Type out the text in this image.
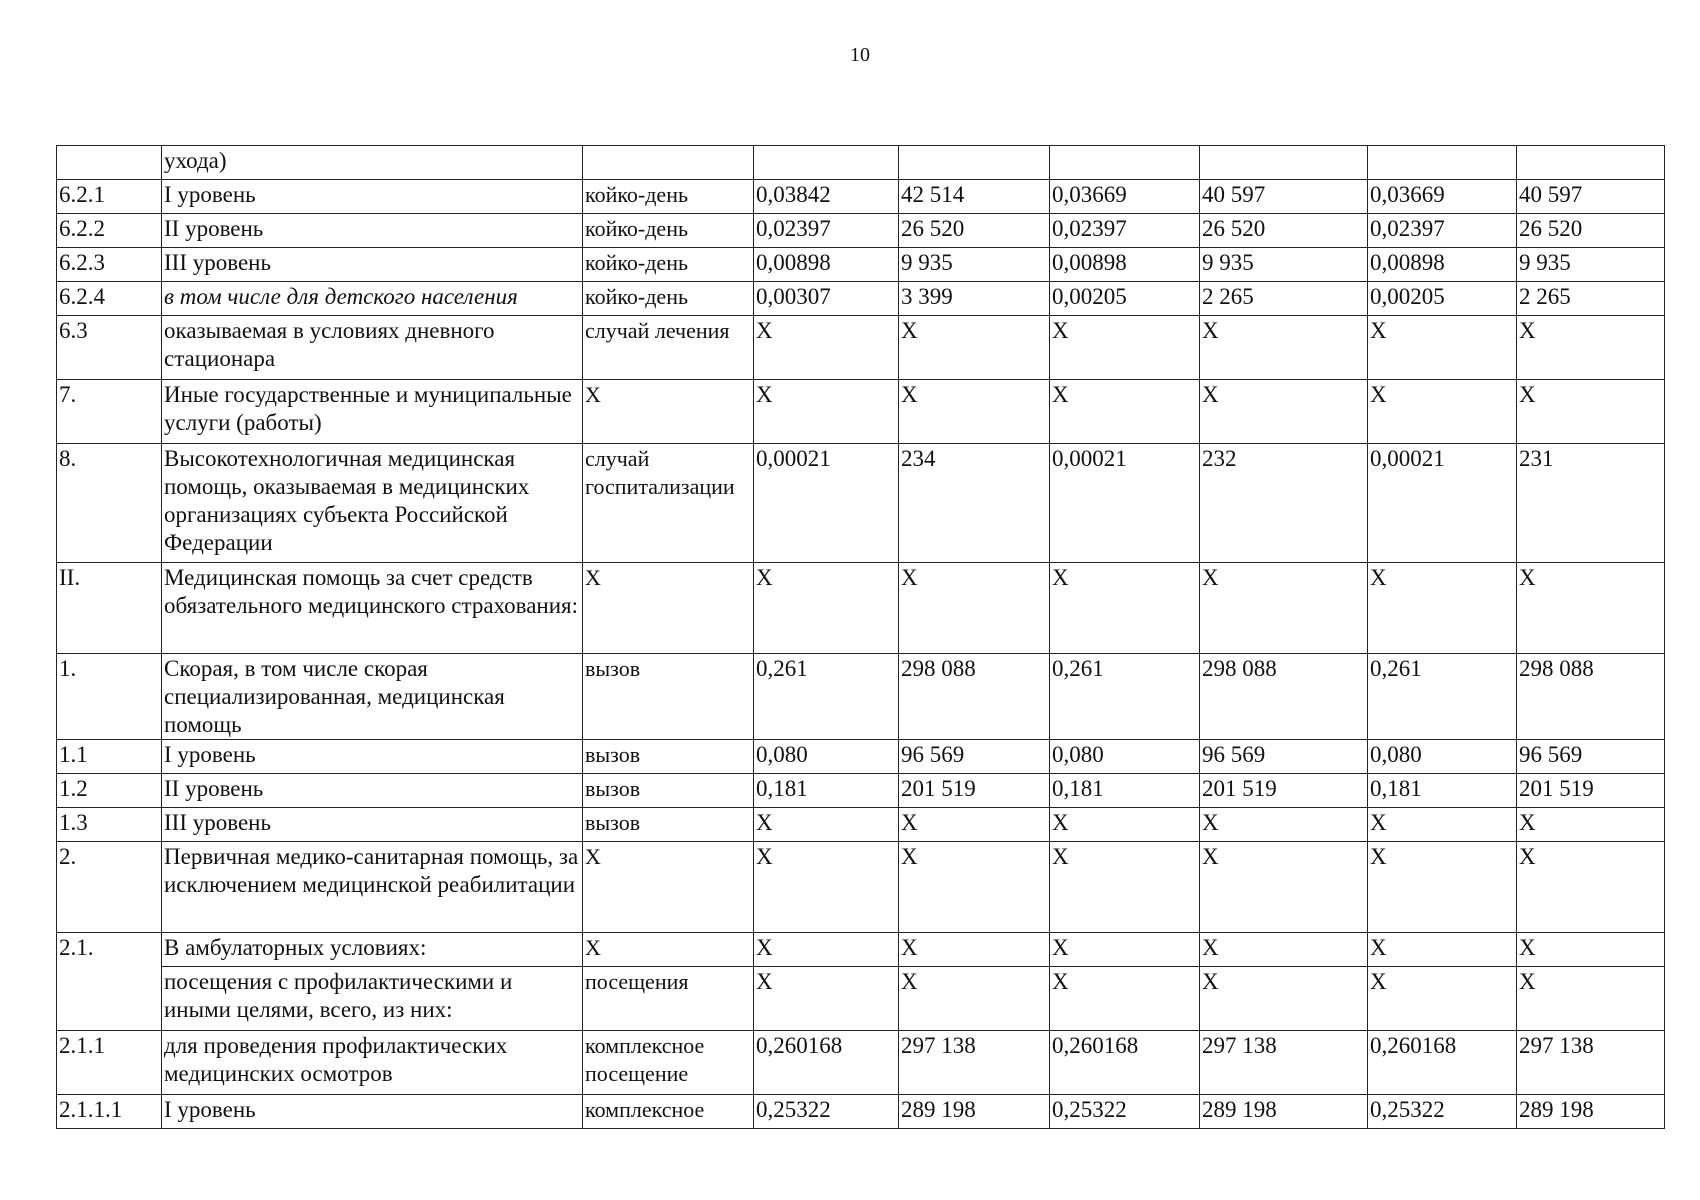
10
	ухода)							
6.2.1	I уровень	койко-день	0,03842	42 514	0,03669	40 597	0,03669	40 597
6.2.2	II уровень	койко-день	0,02397	26 520	0,02397	26 520	0,02397	26 520
6.2.3	III уровень	койко-день	0,00898	9 935	0,00898	9 935	0,00898	9 935
6.2.4	в том числе для детского населения	койко-день	0,00307	3 399	0,00205	2 265	0,00205	2 265
6.3	оказываемая в условиях дневного стационара	случай лечения	X	X	X	X	X	X
7.	Иные государственные и муниципальные услуги (работы)	X	X	X	X	X	X	X
8.	Высокотехнологичная медицинская помощь, оказываемая в медицинских организациях субъекта Российской Федерации	случай госпитализации	0,00021	234	0,00021	232	0,00021	231
II.	Медицинская помощь за счет средств обязательного медицинского страхования:	X	X	X	X	X	X	X
1.	Скорая, в том числе скорая специализированная, медицинская помощь	вызов	0,261	298 088	0,261	298 088	0,261	298 088
1.1	I уровень	вызов	0,080	96 569	0,080	96 569	0,080	96 569
1.2	II уровень	вызов	0,181	201 519	0,181	201 519	0,181	201 519
1.3	III уровень	вызов	X	X	X	X	X	X
2.	Первичная медико-санитарная помощь, за исключением медицинской реабилитации	X	X	X	X	X	X	X
2.1.	В амбулаторных условиях:	X	X	X	X	X	X	X
	посещения с профилактическими и иными целями, всего, из них:	посещения	X	X	X	X	X	X
2.1.1	для проведения профилактических медицинских осмотров	комплексное посещение	0,260168	297 138	0,260168	297 138	0,260168	297 138
2.1.1.1	I уровень	комплексное	0,25322	289 198	0,25322	289 198	0,25322	289 198
